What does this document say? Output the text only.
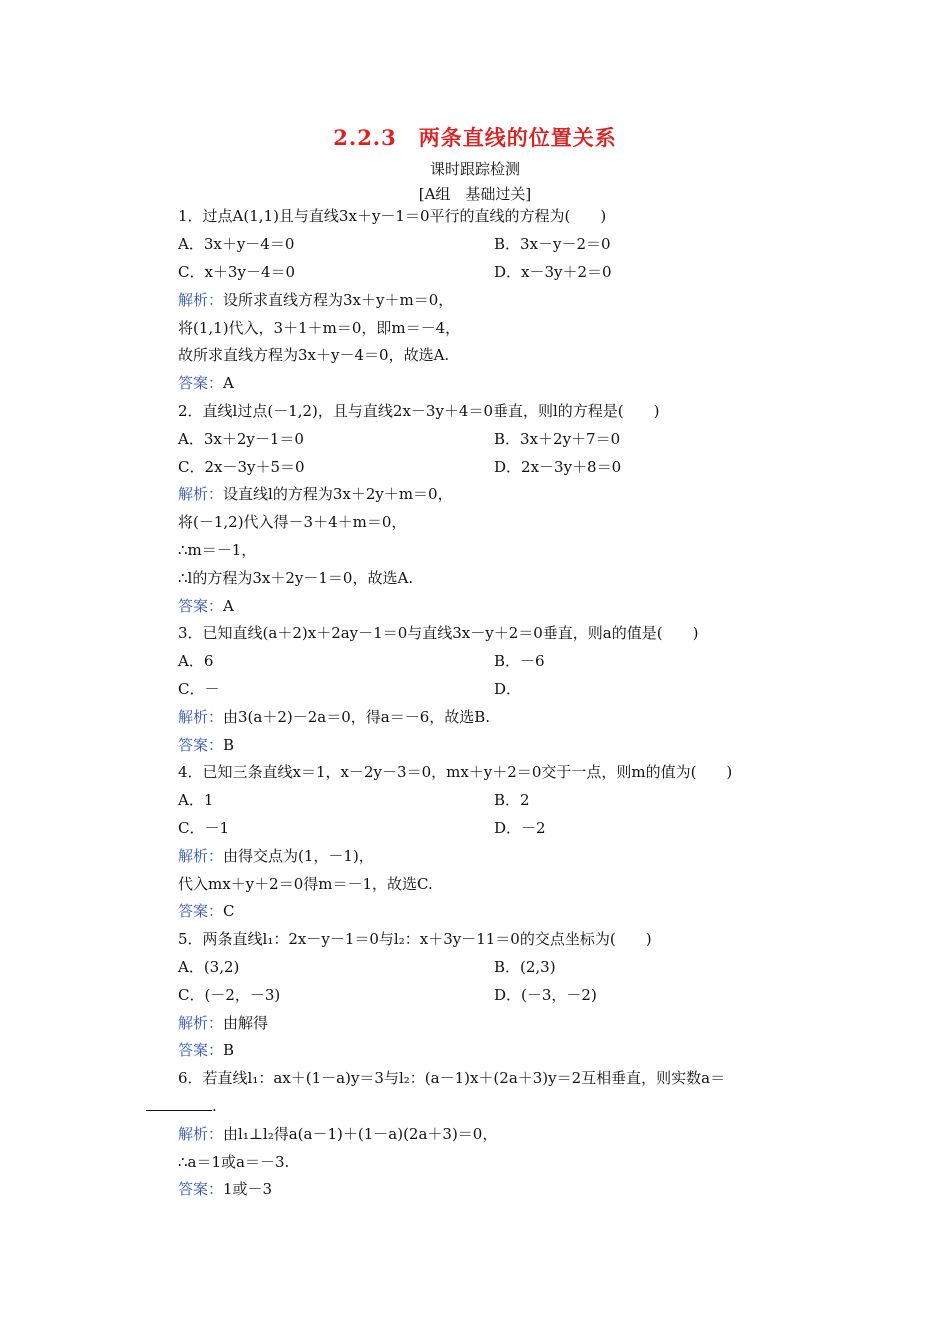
2.2.3　两条直线的位置关系
课时跟踪检测
[A组　基础过关]
1．过点A(1,1)且与直线3x＋y－1＝0平行的直线的方程为(　　)
A．3x＋y－4＝0	B．3x－y－2＝0
C．x＋3y－4＝0	D．x－3y＋2＝0
解析：设所求直线方程为3x＋y＋m＝0，
将(1,1)代入，3＋1＋m＝0，即m＝－4，
故所求直线方程为3x＋y－4＝0，故选A.
答案：A
2．直线l过点(－1,2)，且与直线2x－3y＋4＝0垂直，则l的方程是(　　)
A．3x＋2y－1＝0	B．3x＋2y＋7＝0
C．2x－3y＋5＝0	D．2x－3y＋8＝0
解析：设直线l的方程为3x＋2y＋m＝0，
将(－1,2)代入得－3＋4＋m＝0，
∴m＝－1，
∴l的方程为3x＋2y－1＝0，故选A.
答案：A
3．已知直线(a＋2)x＋2ay－1＝0与直线3x－y＋2＝0垂直，则a的值是(　　)
A．6	B．－6
C．－	D．
解析：由3(a＋2)－2a＝0，得a＝－6，故选B.
答案：B
4．已知三条直线x＝1，x－2y－3＝0，mx＋y＋2＝0交于一点，则m的值为(　　)
A．1	B．2
C．－1	D．－2
解析：由得交点为(1，－1)，
代入mx＋y＋2＝0得m＝－1，故选C.
答案：C
5．两条直线l₁：2x－y－1＝0与l₂：x＋3y－11＝0的交点坐标为(　　)
A．(3,2)	B．(2,3)
C．(－2，－3)	D．(－3，－2)
解析：由解得
答案：B
6．若直线l₁：ax＋(1－a)y＝3与l₂：(a－1)x＋(2a＋3)y＝2互相垂直，则实数a＝
.
解析：由l₁⊥l₂得a(a－1)＋(1－a)(2a＋3)＝0，
∴a＝1或a＝－3.
答案：1或－3
